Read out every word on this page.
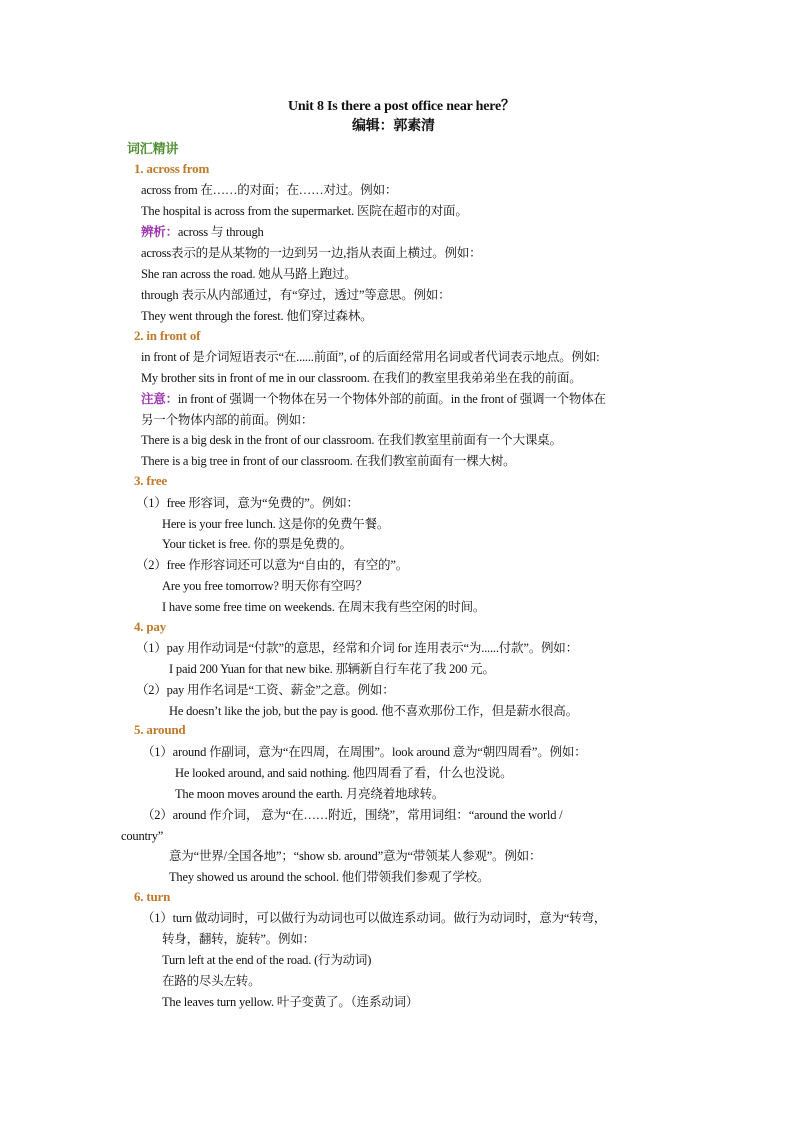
Unit 8 Is there a post office near here？
编辑：郭素清
词汇精讲
1. across from
across from 在……的对面；在……对过。例如：
The hospital is across from the supermarket. 医院在超市的对面。
辨析：across 与 through
across表示的是从某物的一边到另一边,指从表面上横过。例如：
She ran across the road. 她从马路上跑过。
through 表示从内部通过，有“穿过，透过”等意思。例如：
They went through the forest. 他们穿过森林。
2. in front of
in front of 是介词短语表示“在......前面”, of 的后面经常用名词或者代词表示地点。例如:
My brother sits in front of me in our classroom. 在我们的教室里我弟弟坐在我的前面。
注意：in front of 强调一个物体在另一个物体外部的前面。in the front of 强调一个物体在
另一个物体内部的前面。例如：
There is a big desk in the front of our classroom. 在我们教室里前面有一个大课桌。
There is a big tree in front of our classroom. 在我们教室前面有一棵大树。
3. free
（1）free 形容词，意为“免费的”。例如：
Here is your free lunch. 这是你的免费午餐。
Your ticket is free. 你的票是免费的。
（2）free 作形容词还可以意为“自由的，有空的”。
Are you free tomorrow? 明天你有空吗？
I have some free time on weekends. 在周末我有些空闲的时间。
4. pay
（1）pay 用作动词是“付款”的意思，经常和介词 for 连用表示“为......付款”。例如：
I paid 200 Yuan for that new bike. 那辆新自行车花了我 200 元。
（2）pay 用作名词是“工资、薪金”之意。例如：
He doesn’t like the job, but the pay is good. 他不喜欢那份工作，但是薪水很高。
5. around
（1）around 作副词，意为“在四周，在周围”。look around 意为“朝四周看”。例如：
He looked around, and said nothing. 他四周看了看，什么也没说。
The moon moves around the earth. 月亮绕着地球转。
（2）around 作介词， 意为“在……附近，围绕”，常用词组：“around the world /
country”
意为“世界/全国各地”；“show sb. around”意为“带领某人参观”。例如：
They showed us around the school. 他们带领我们参观了学校。
6. turn
（1）turn 做动词时，可以做行为动词也可以做连系动词。做行为动词时，意为“转弯，
转身，翻转，旋转”。例如：
Turn left at the end of the road. (行为动词)
在路的尽头左转。
The leaves turn yellow. 叶子变黄了。（连系动词）
